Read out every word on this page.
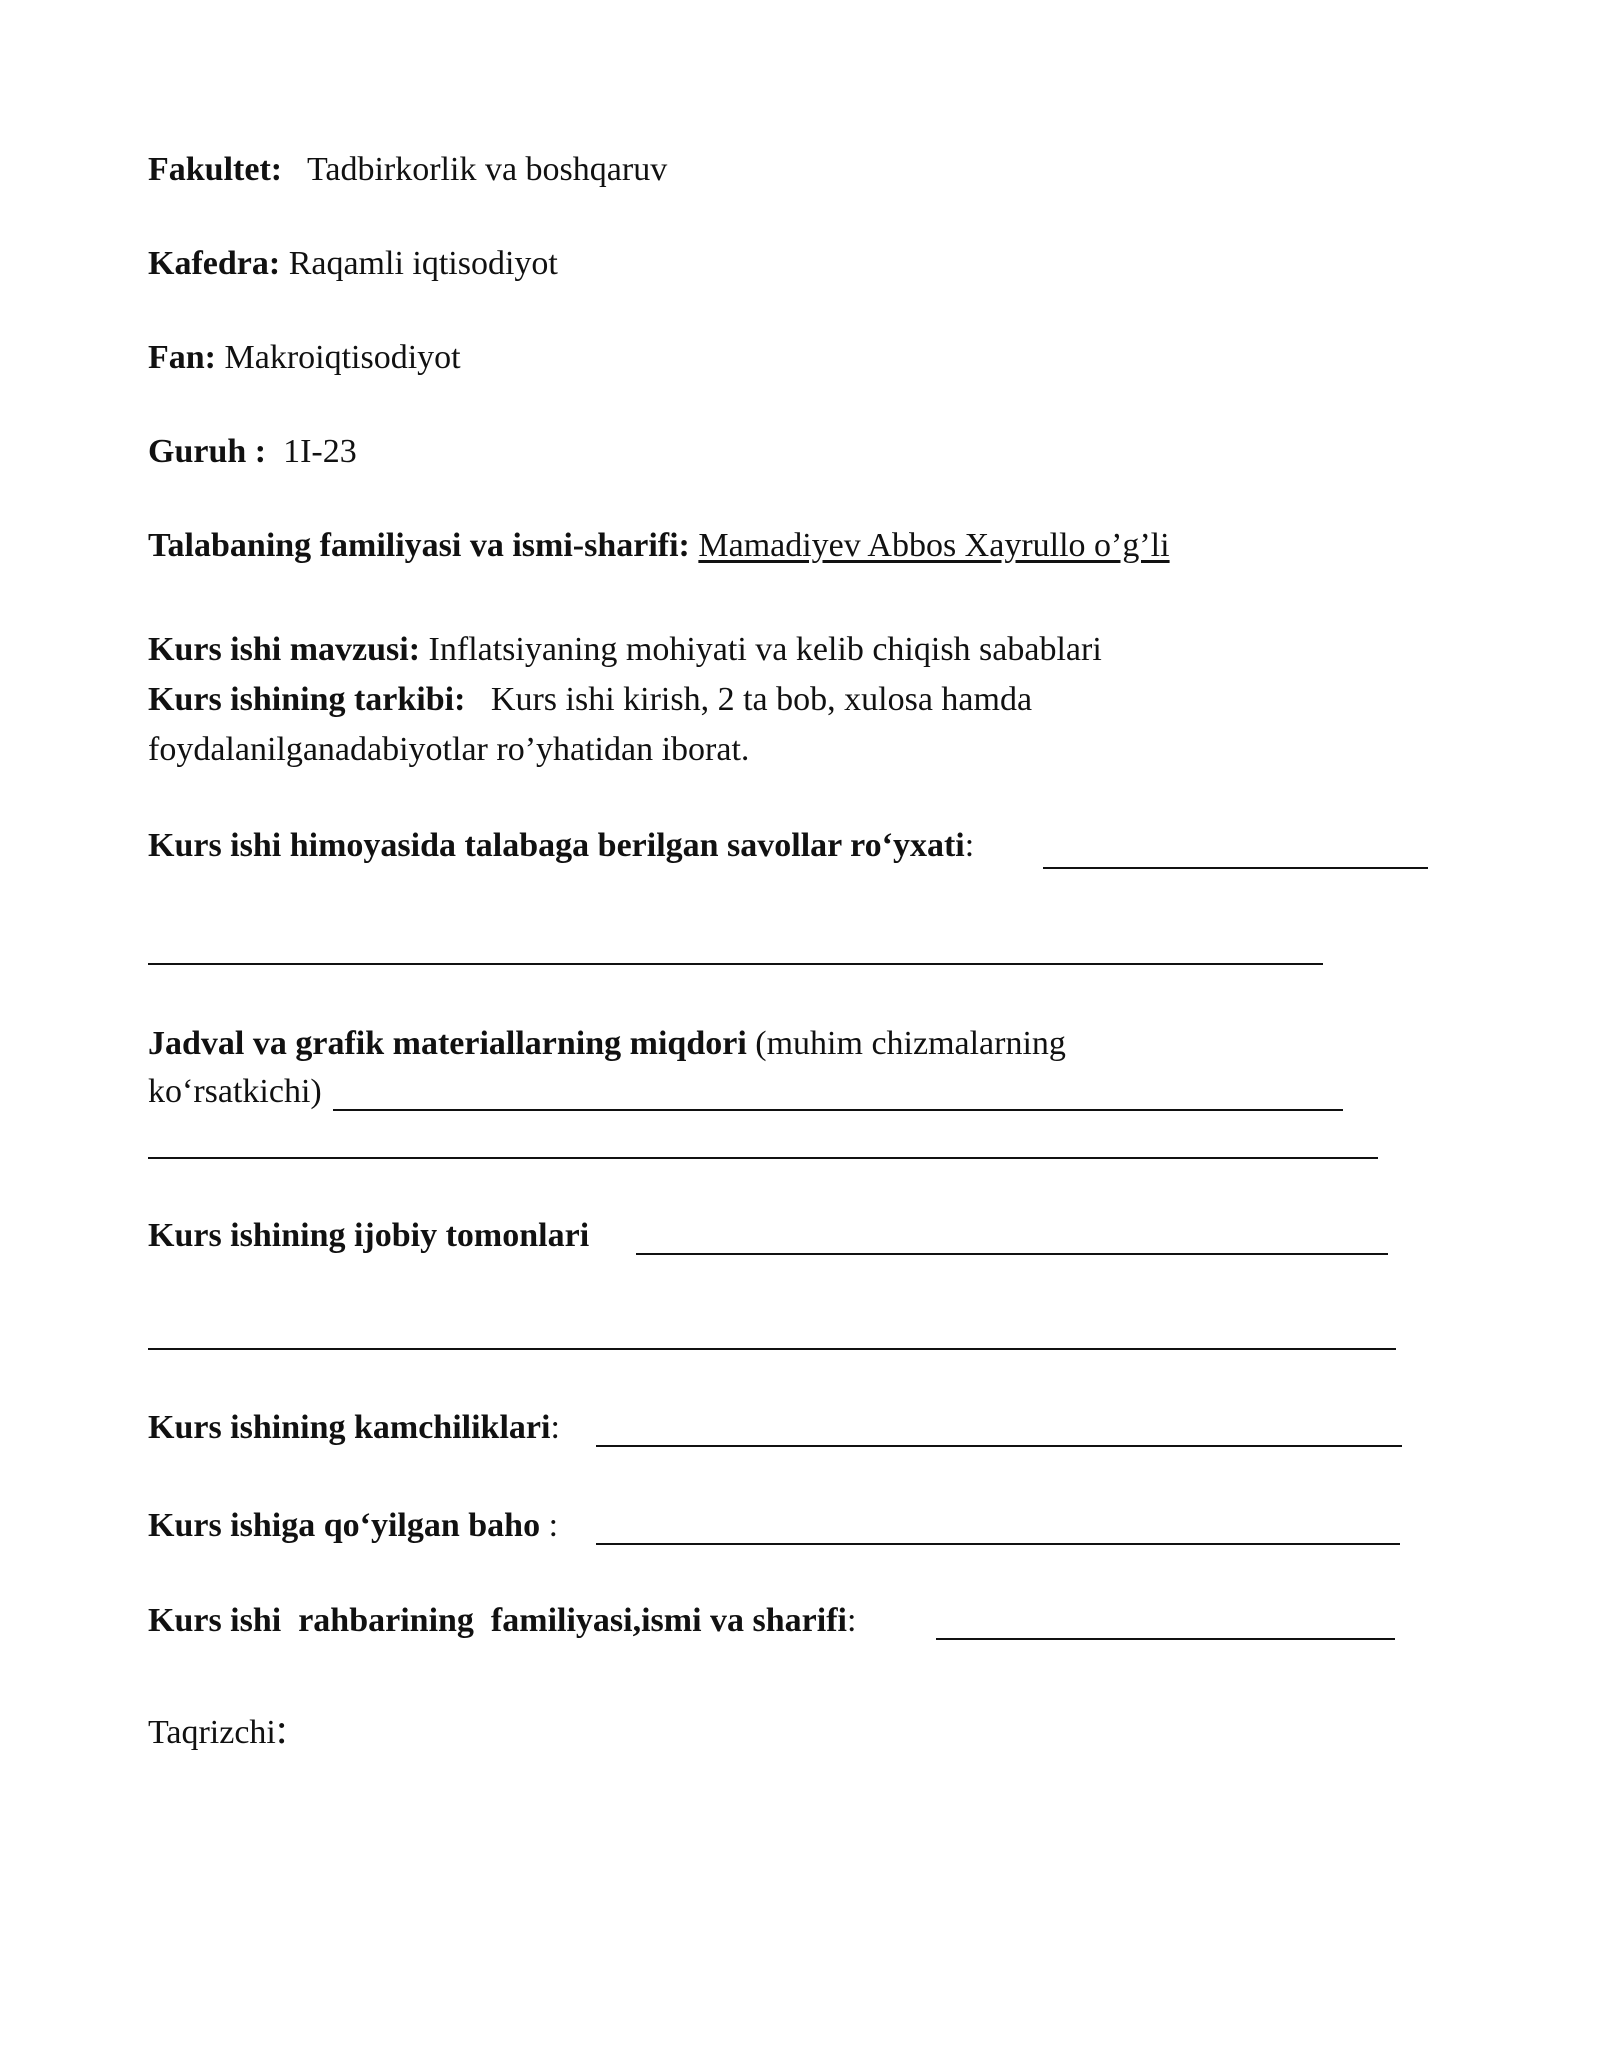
Fakultet: Tadbirkorlik va boshqaruv
Kafedra: Raqamli iqtisodiyot
Fan: Makroiqtisodiyot
Guruh : 1I-23
Talabaning familiyasi va ismi-sharifi: Mamadiyev Abbos Xayrullo o’g’li
Kurs ishi mavzusi: Inflatsiyaning mohiyati va kelib chiqish sabablari
Kurs ishining tarkibi: Kurs ishi kirish, 2 ta bob, xulosa hamda
foydalanilganadabiyotlar ro’yhatidan iborat.
Kurs ishi himoyasida talabaga berilgan savollar ro‘yxati:
Jadval va grafik materiallarning miqdori (muhim chizmalarning
ko‘rsatkichi)
Kurs ishining ijobiy tomonlari
Kurs ishining kamchiliklari:
Kurs ishiga qo‘yilgan baho :
Kurs ishi  rahbarining  familiyasi,ismi va sharifi:
Taqrizchi:
